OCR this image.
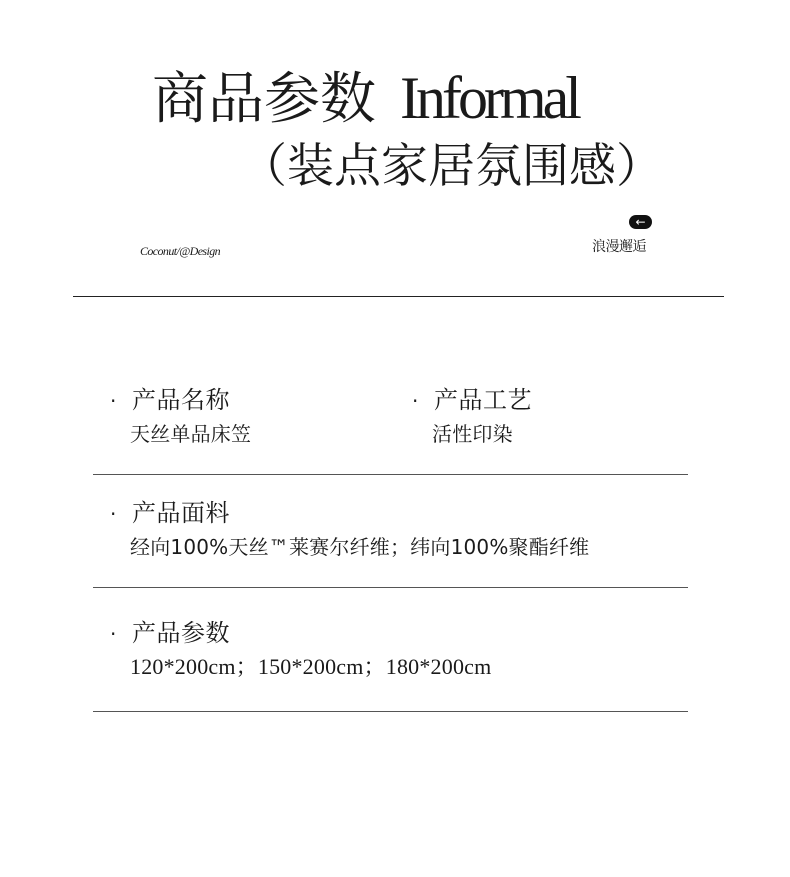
商品参数 Informal
（装点家居氛围感）
Coconut/@Design
←
浪漫邂逅
· 产品名称
天丝单品床笠
· 产品工艺
活性印染
· 产品面料
经向100%天丝™莱赛尔纤维；纬向100%聚酯纤维
· 产品参数
120*200cm；150*200cm；180*200cm
